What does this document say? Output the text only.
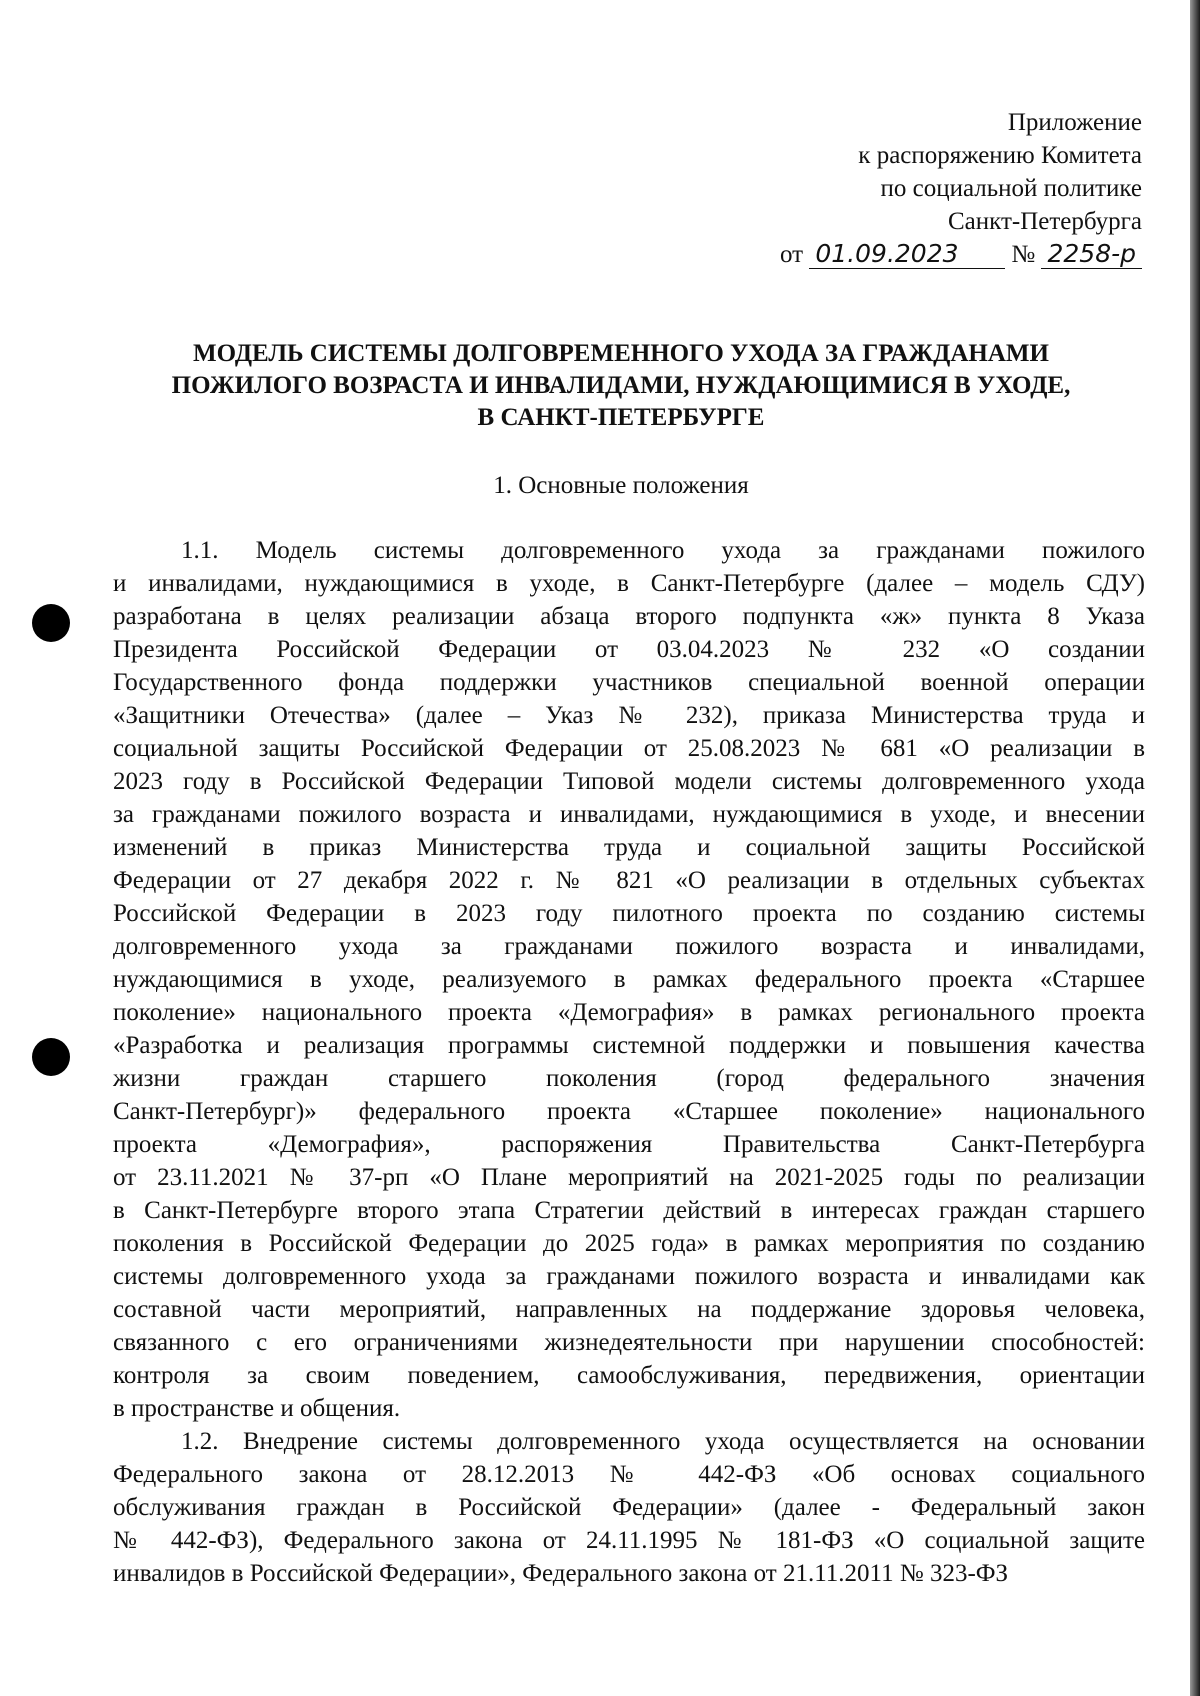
Приложение
к распоряжению Комитета
по социальной политике
Санкт-Петербурга
от 01.09.2023 № 2258-р
МОДЕЛЬ СИСТЕМЫ ДОЛГОВРЕМЕННОГО УХОДА ЗА ГРАЖДАНАМИ
ПОЖИЛОГО ВОЗРАСТА И ИНВАЛИДАМИ, НУЖДАЮЩИМИСЯ В УХОДЕ,
В САНКТ-ПЕТЕРБУРГЕ
1. Основные положения
1.1. Модель системы долговременного ухода за гражданами пожилого
и инвалидами, нуждающимися в уходе, в Санкт-Петербурге (далее – модель СДУ)
разработана в целях реализации абзаца второго подпункта «ж» пункта 8 Указа
Президента Российской Федерации от 03.04.2023 № 232 «О создании
Государственного фонда поддержки участников специальной военной операции
«Защитники Отечества» (далее – Указ № 232), приказа Министерства труда и
социальной защиты Российской Федерации от 25.08.2023 № 681 «О реализации в
2023 году в Российской Федерации Типовой модели системы долговременного ухода
за гражданами пожилого возраста и инвалидами, нуждающимися в уходе, и внесении
изменений в приказ Министерства труда и социальной защиты Российской
Федерации от 27 декабря 2022 г. № 821 «О реализации в отдельных субъектах
Российской Федерации в 2023 году пилотного проекта по созданию системы
долговременного ухода за гражданами пожилого возраста и инвалидами,
нуждающимися в уходе, реализуемого в рамках федерального проекта «Старшее
поколение» национального проекта «Демография» в рамках регионального проекта
«Разработка и реализация программы системной поддержки и повышения качества
жизни граждан старшего поколения (город федерального значения
Санкт-Петербург)» федерального проекта «Старшее поколение» национального
проекта «Демография», распоряжения Правительства Санкт-Петербурга
от 23.11.2021 № 37-рп «О Плане мероприятий на 2021-2025 годы по реализации
в Санкт-Петербурге второго этапа Стратегии действий в интересах граждан старшего
поколения в Российской Федерации до 2025 года» в рамках мероприятия по созданию
системы долговременного ухода за гражданами пожилого возраста и инвалидами как
составной части мероприятий, направленных на поддержание здоровья человека,
связанного с его ограничениями жизнедеятельности при нарушении способностей:
контроля за своим поведением, самообслуживания, передвижения, ориентации
в пространстве и общения.
1.2. Внедрение системы долговременного ухода осуществляется на основании
Федерального закона от 28.12.2013 № 442-ФЗ «Об основах социального
обслуживания граждан в Российской Федерации» (далее - Федеральный закон
№ 442-ФЗ), Федерального закона от 24.11.1995 № 181-ФЗ «О социальной защите
инвалидов в Российской Федерации», Федерального закона от 21.11.2011 № 323-ФЗ
